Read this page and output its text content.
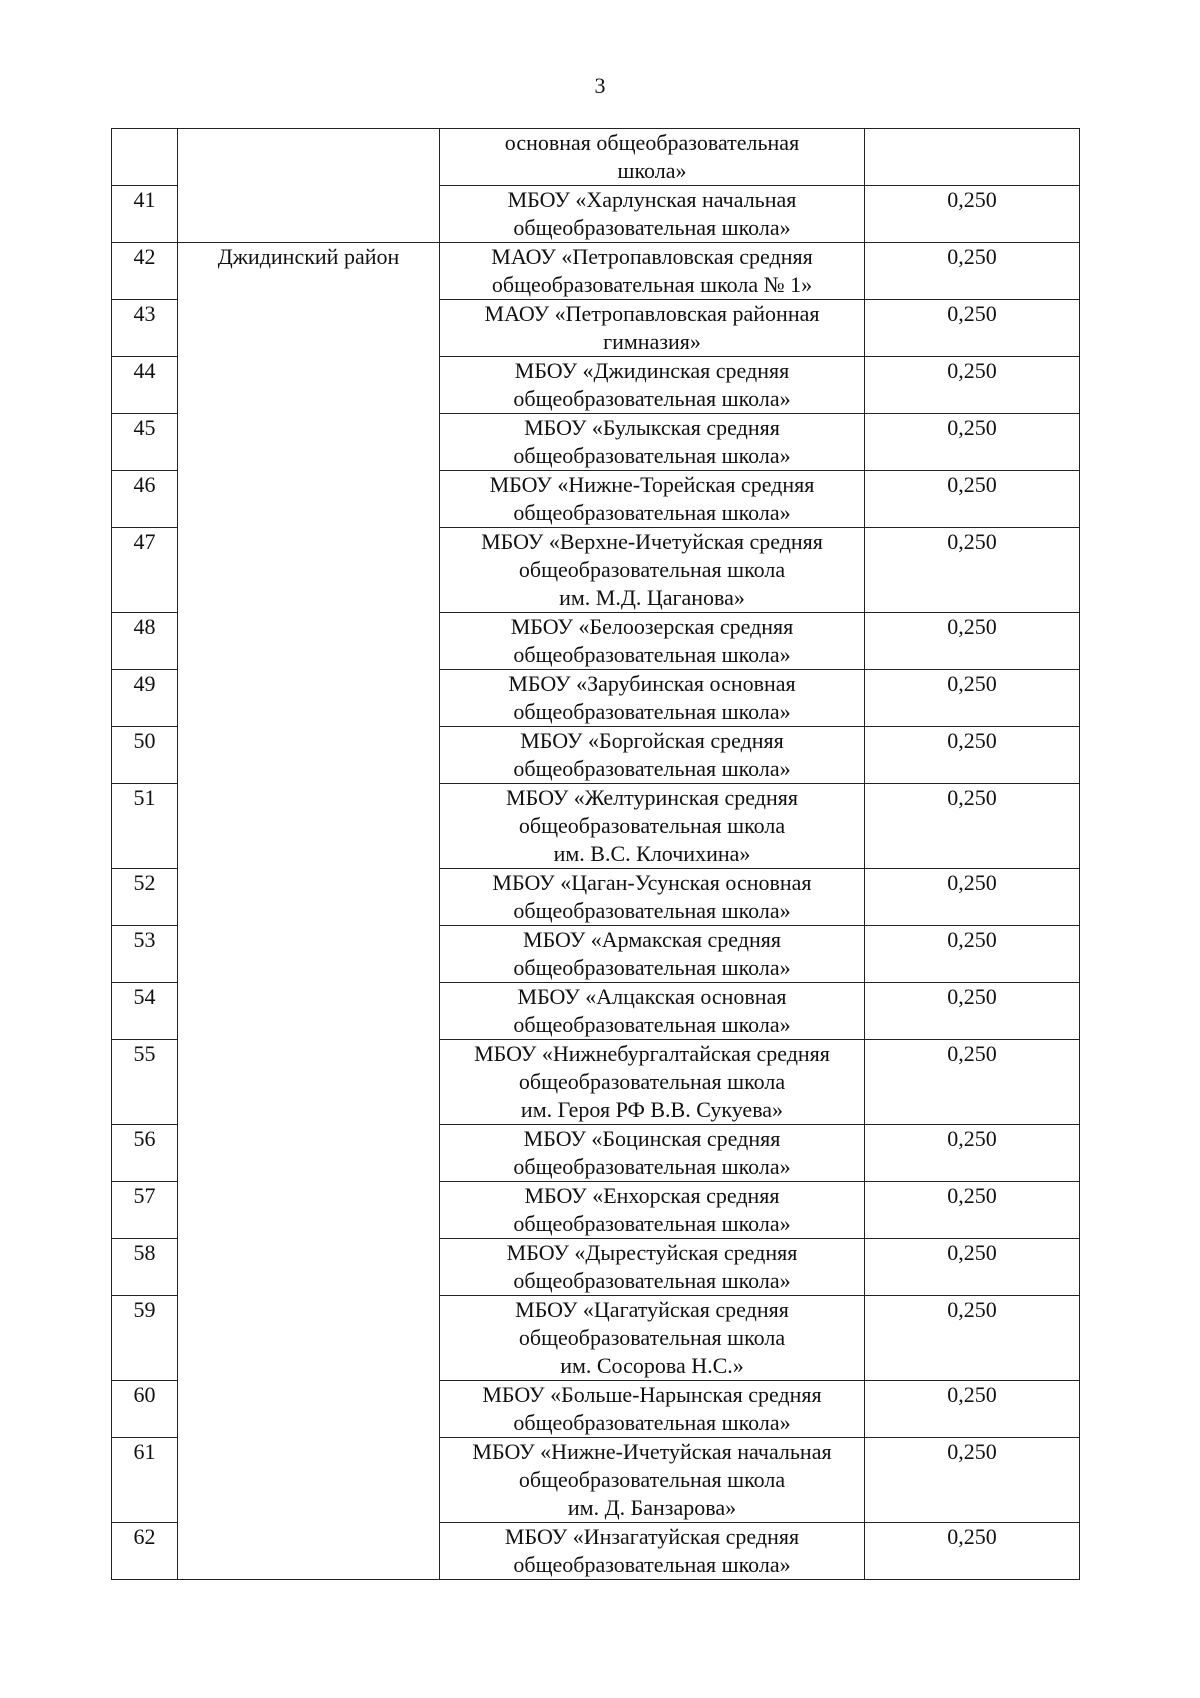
3
		основная общеобразовательная
школа»	
41		МБОУ «Харлунская начальная
общеобразовательная школа»	0,250
42	Джидинский район	МАОУ «Петропавловская средняя
общеобразовательная школа № 1»	0,250
43		МАОУ «Петропавловская районная
гимназия»	0,250
44		МБОУ «Джидинская средняя
общеобразовательная школа»	0,250
45		МБОУ «Булыкская средняя
общеобразовательная школа»	0,250
46		МБОУ «Нижне-Торейская средняя
общеобразовательная школа»	0,250
47		МБОУ «Верхне-Ичетуйская средняя
общеобразовательная школа
им. М.Д. Цаганова»	0,250
48		МБОУ «Белоозерская средняя
общеобразовательная школа»	0,250
49		МБОУ «Зарубинская основная
общеобразовательная школа»	0,250
50		МБОУ «Боргойская средняя
общеобразовательная школа»	0,250
51		МБОУ «Желтуринская средняя
общеобразовательная школа
им. В.С. Клочихина»	0,250
52		МБОУ «Цаган-Усунская основная
общеобразовательная школа»	0,250
53		МБОУ «Армакская средняя
общеобразовательная школа»	0,250
54		МБОУ «Алцакская основная
общеобразовательная школа»	0,250
55		МБОУ «Нижнебургалтайская средняя
общеобразовательная школа
им. Героя РФ В.В. Сукуева»	0,250
56		МБОУ «Боцинская средняя
общеобразовательная школа»	0,250
57		МБОУ «Енхорская средняя
общеобразовательная школа»	0,250
58		МБОУ «Дырестуйская средняя
общеобразовательная школа»	0,250
59		МБОУ «Цагатуйская средняя
общеобразовательная школа
им. Сосорова Н.С.»	0,250
60		МБОУ «Больше-Нарынская средняя
общеобразовательная школа»	0,250
61		МБОУ «Нижне-Ичетуйская начальная
общеобразовательная школа
им. Д. Банзарова»	0,250
62		МБОУ «Инзагатуйская средняя
общеобразовательная школа»	0,250
